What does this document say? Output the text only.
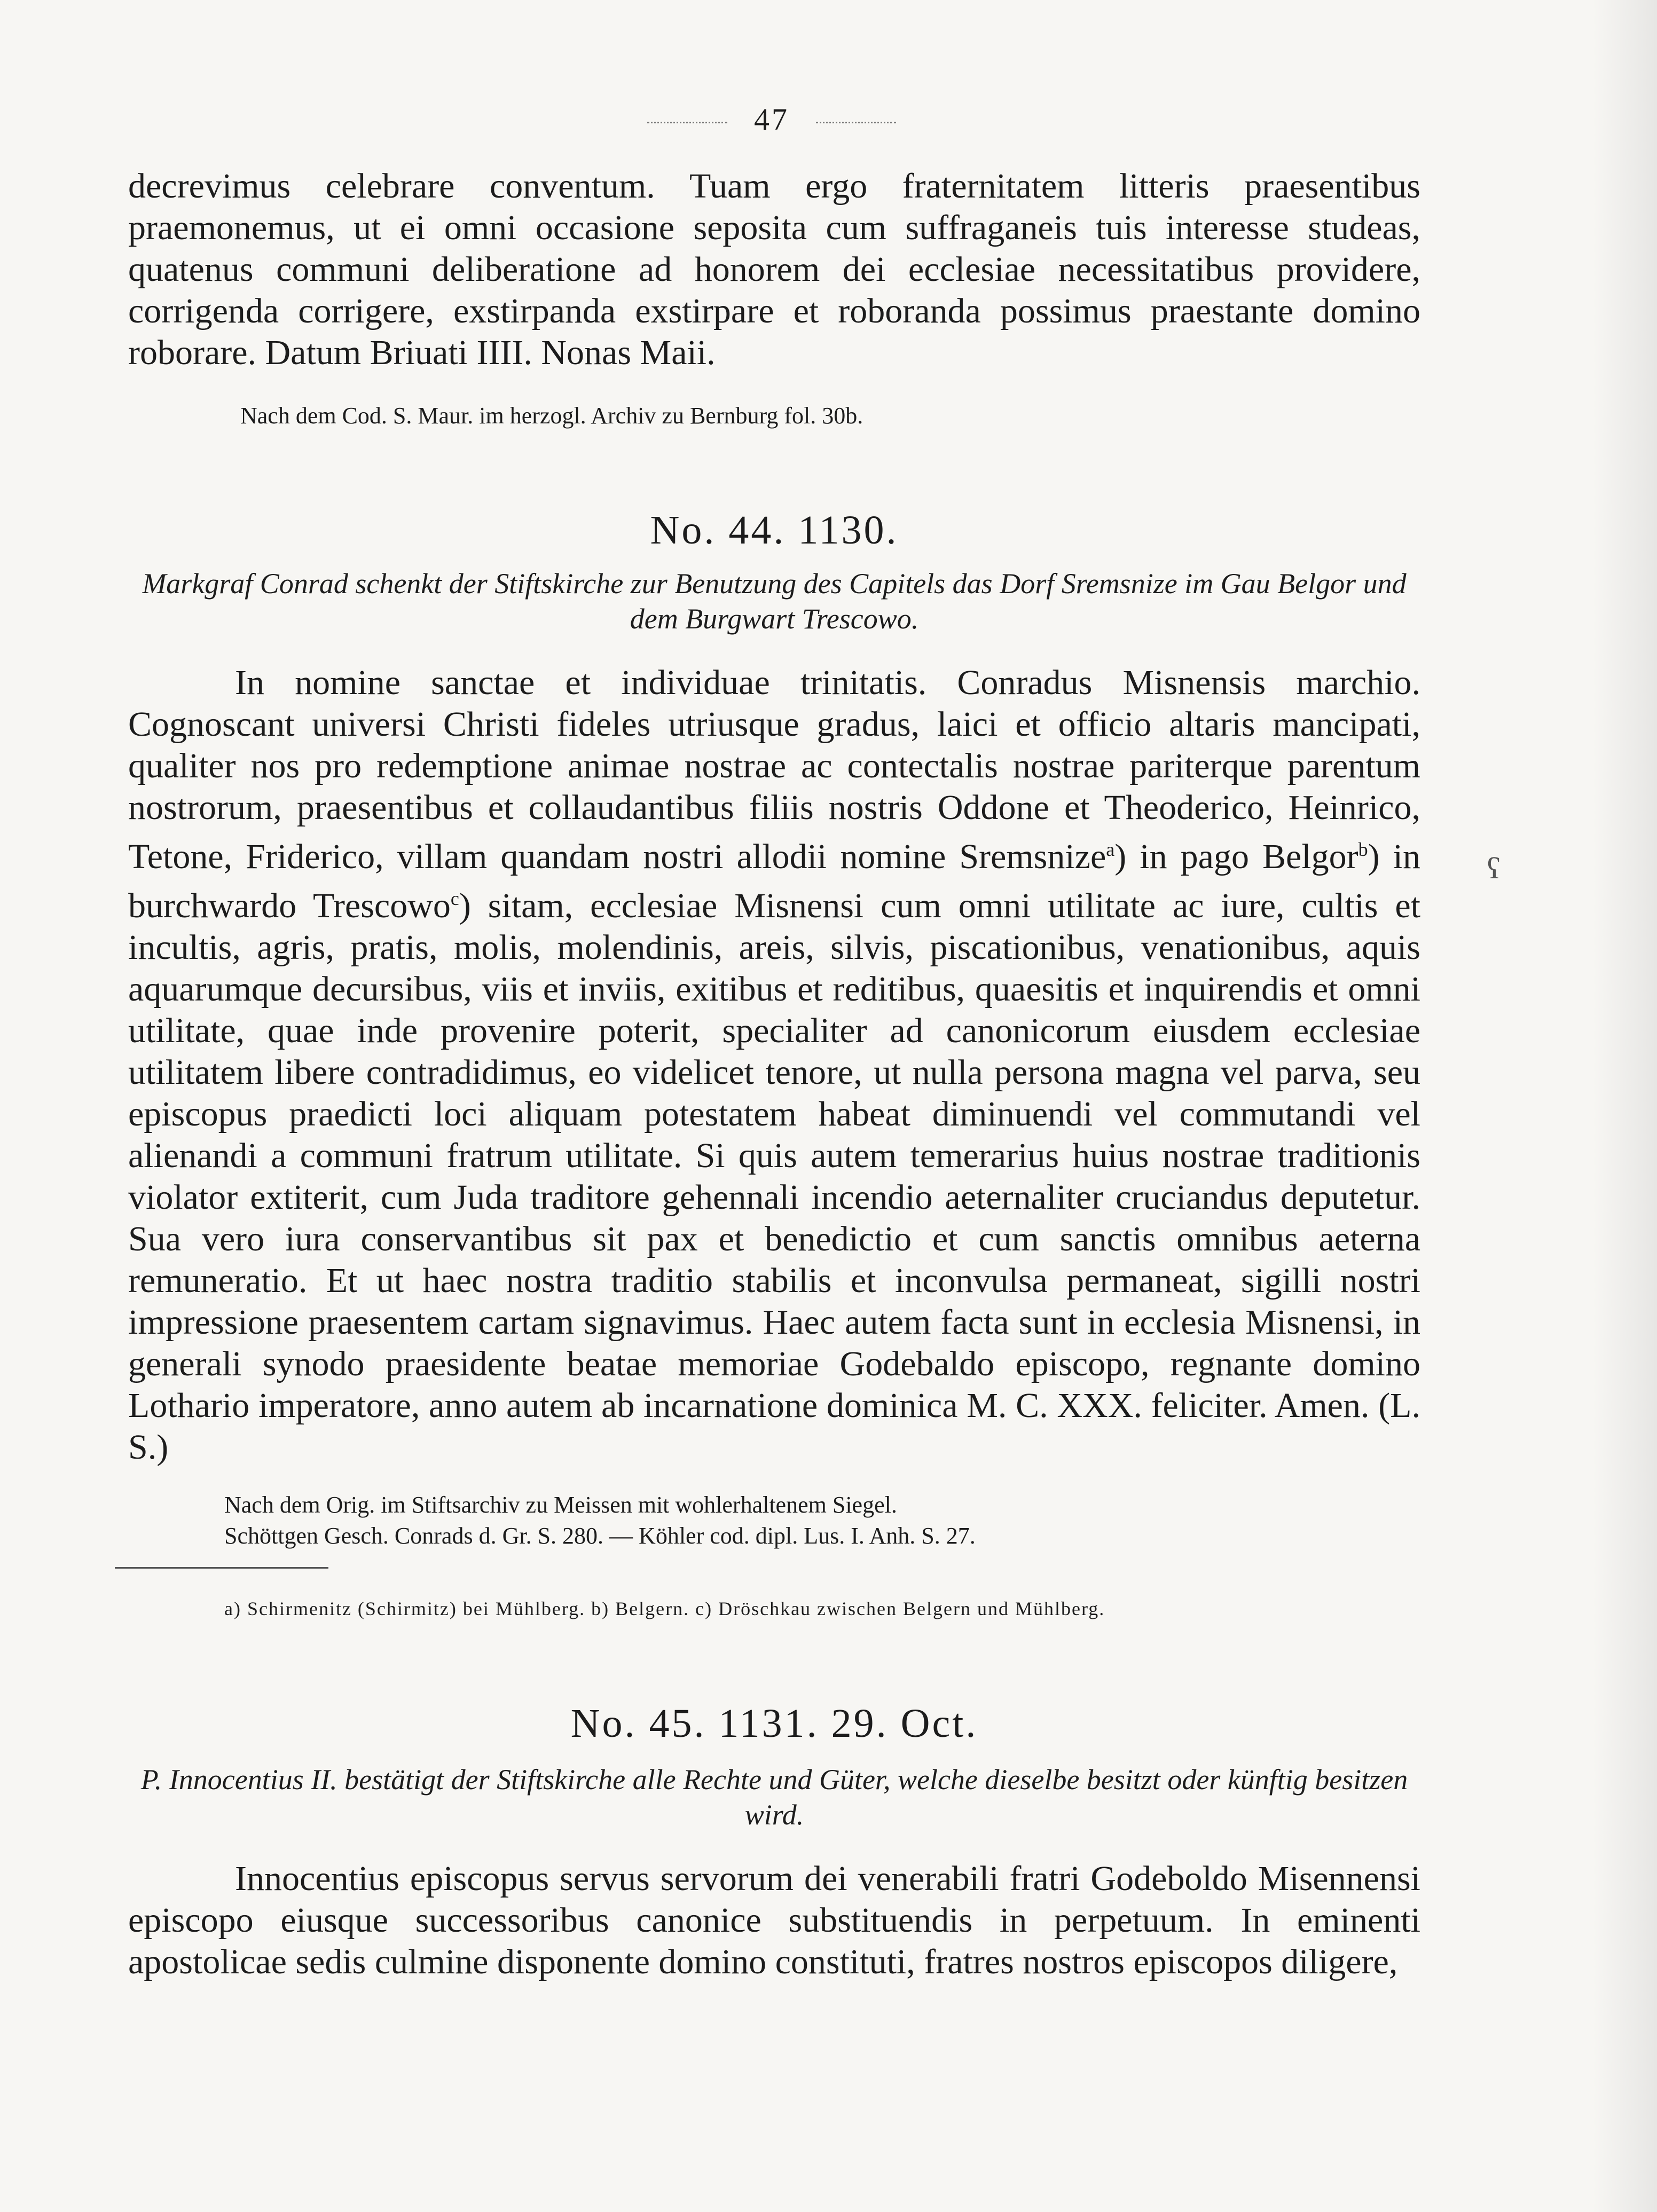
47

decrevimus celebrare conventum. Tuam ergo fraternitatem litteris praesentibus praemonemus, ut ei omni occasione seposita cum suffraganeis tuis interesse studeas, quatenus communi deliberatione ad honorem dei ecclesiae necessitatibus providere, corrigenda corrigere, exstirpanda exstirpare et roboranda possimus praestante domino roborare. Datum Briuati IIII. Nonas Maii.

Nach dem Cod. S. Maur. im herzogl. Archiv zu Bernburg fol. 30b.

No. 44. 1130.

Markgraf Conrad schenkt der Stiftskirche zur Benutzung des Capitels das Dorf Sremsnize im Gau Belgor und dem Burgwart Trescowo.

In nomine sanctae et individuae trinitatis. Conradus Misnensis marchio. Cognoscant universi Christi fideles utriusque gradus, laici et officio altaris mancipati, qualiter nos pro redemptione animae nostrae ac contectalis nostrae pariterque parentum nostrorum, praesentibus et collaudantibus filiis nostris Oddone et Theoderico, Heinrico, Tetone, Friderico, villam quandam nostri allodii nomine Sremsnize$^a$) in pago Belgor$^b$) in burchwardo Trescowo$^c$) sitam, ecclesiae Misnensi cum omni utilitate ac iure, cultis et incultis, agris, pratis, molis, molendinis, areis, silvis, piscationibus, venationibus, aquis aquarumque decursibus, viis et inviis, exitibus et reditibus, quaesitis et inquirendis et omni utilitate, quae inde provenire poterit, specialiter ad canonicorum eiusdem ecclesiae utilitatem libere contradidimus, eo videlicet tenore, ut nulla persona magna vel parva, seu episcopus praedicti loci aliquam potestatem habeat diminuendi vel commutandi vel alienandi a communi fratrum utilitate. Si quis autem temerarius huius nostrae traditionis violator extiterit, cum Juda traditore gehennali incendio aeternaliter cruciandus deputetur. Sua vero iura conservantibus sit pax et benedictio et cum sanctis omnibus aeterna remuneratio. Et ut haec nostra traditio stabilis et inconvulsa permaneat, sigilli nostri impressione praesentem cartam signavimus. Haec autem facta sunt in ecclesia Misnensi, in generali synodo praesidente beatae memoriae Godebaldo episcopo, regnante domino Lothario imperatore, anno autem ab incarnatione dominica M. C. XXX. feliciter. Amen. (L. S.)

Nach dem Orig. im Stiftsarchiv zu Meissen mit wohlerhaltenem Siegel.

Schöttgen Gesch. Conrads d. Gr. S. 280. — Köhler cod. dipl. Lus. I. Anh. S. 27.

a) Schirmenitz (Schirmitz) bei Mühlberg. b) Belgern. c) Dröschkau zwischen Belgern und Mühlberg.

No. 45. 1131. 29. Oct.

P. Innocentius II. bestätigt der Stiftskirche alle Rechte und Güter, welche dieselbe besitzt oder künftig besitzen wird.

Innocentius episcopus servus servorum dei venerabili fratri Godeboldo Misennensi episcopo eiusque successoribus canonice substituendis in perpetuum. In eminenti apostolicae sedis culmine disponente domino constituti, fratres nostros episcopos diligere,

ʕ
